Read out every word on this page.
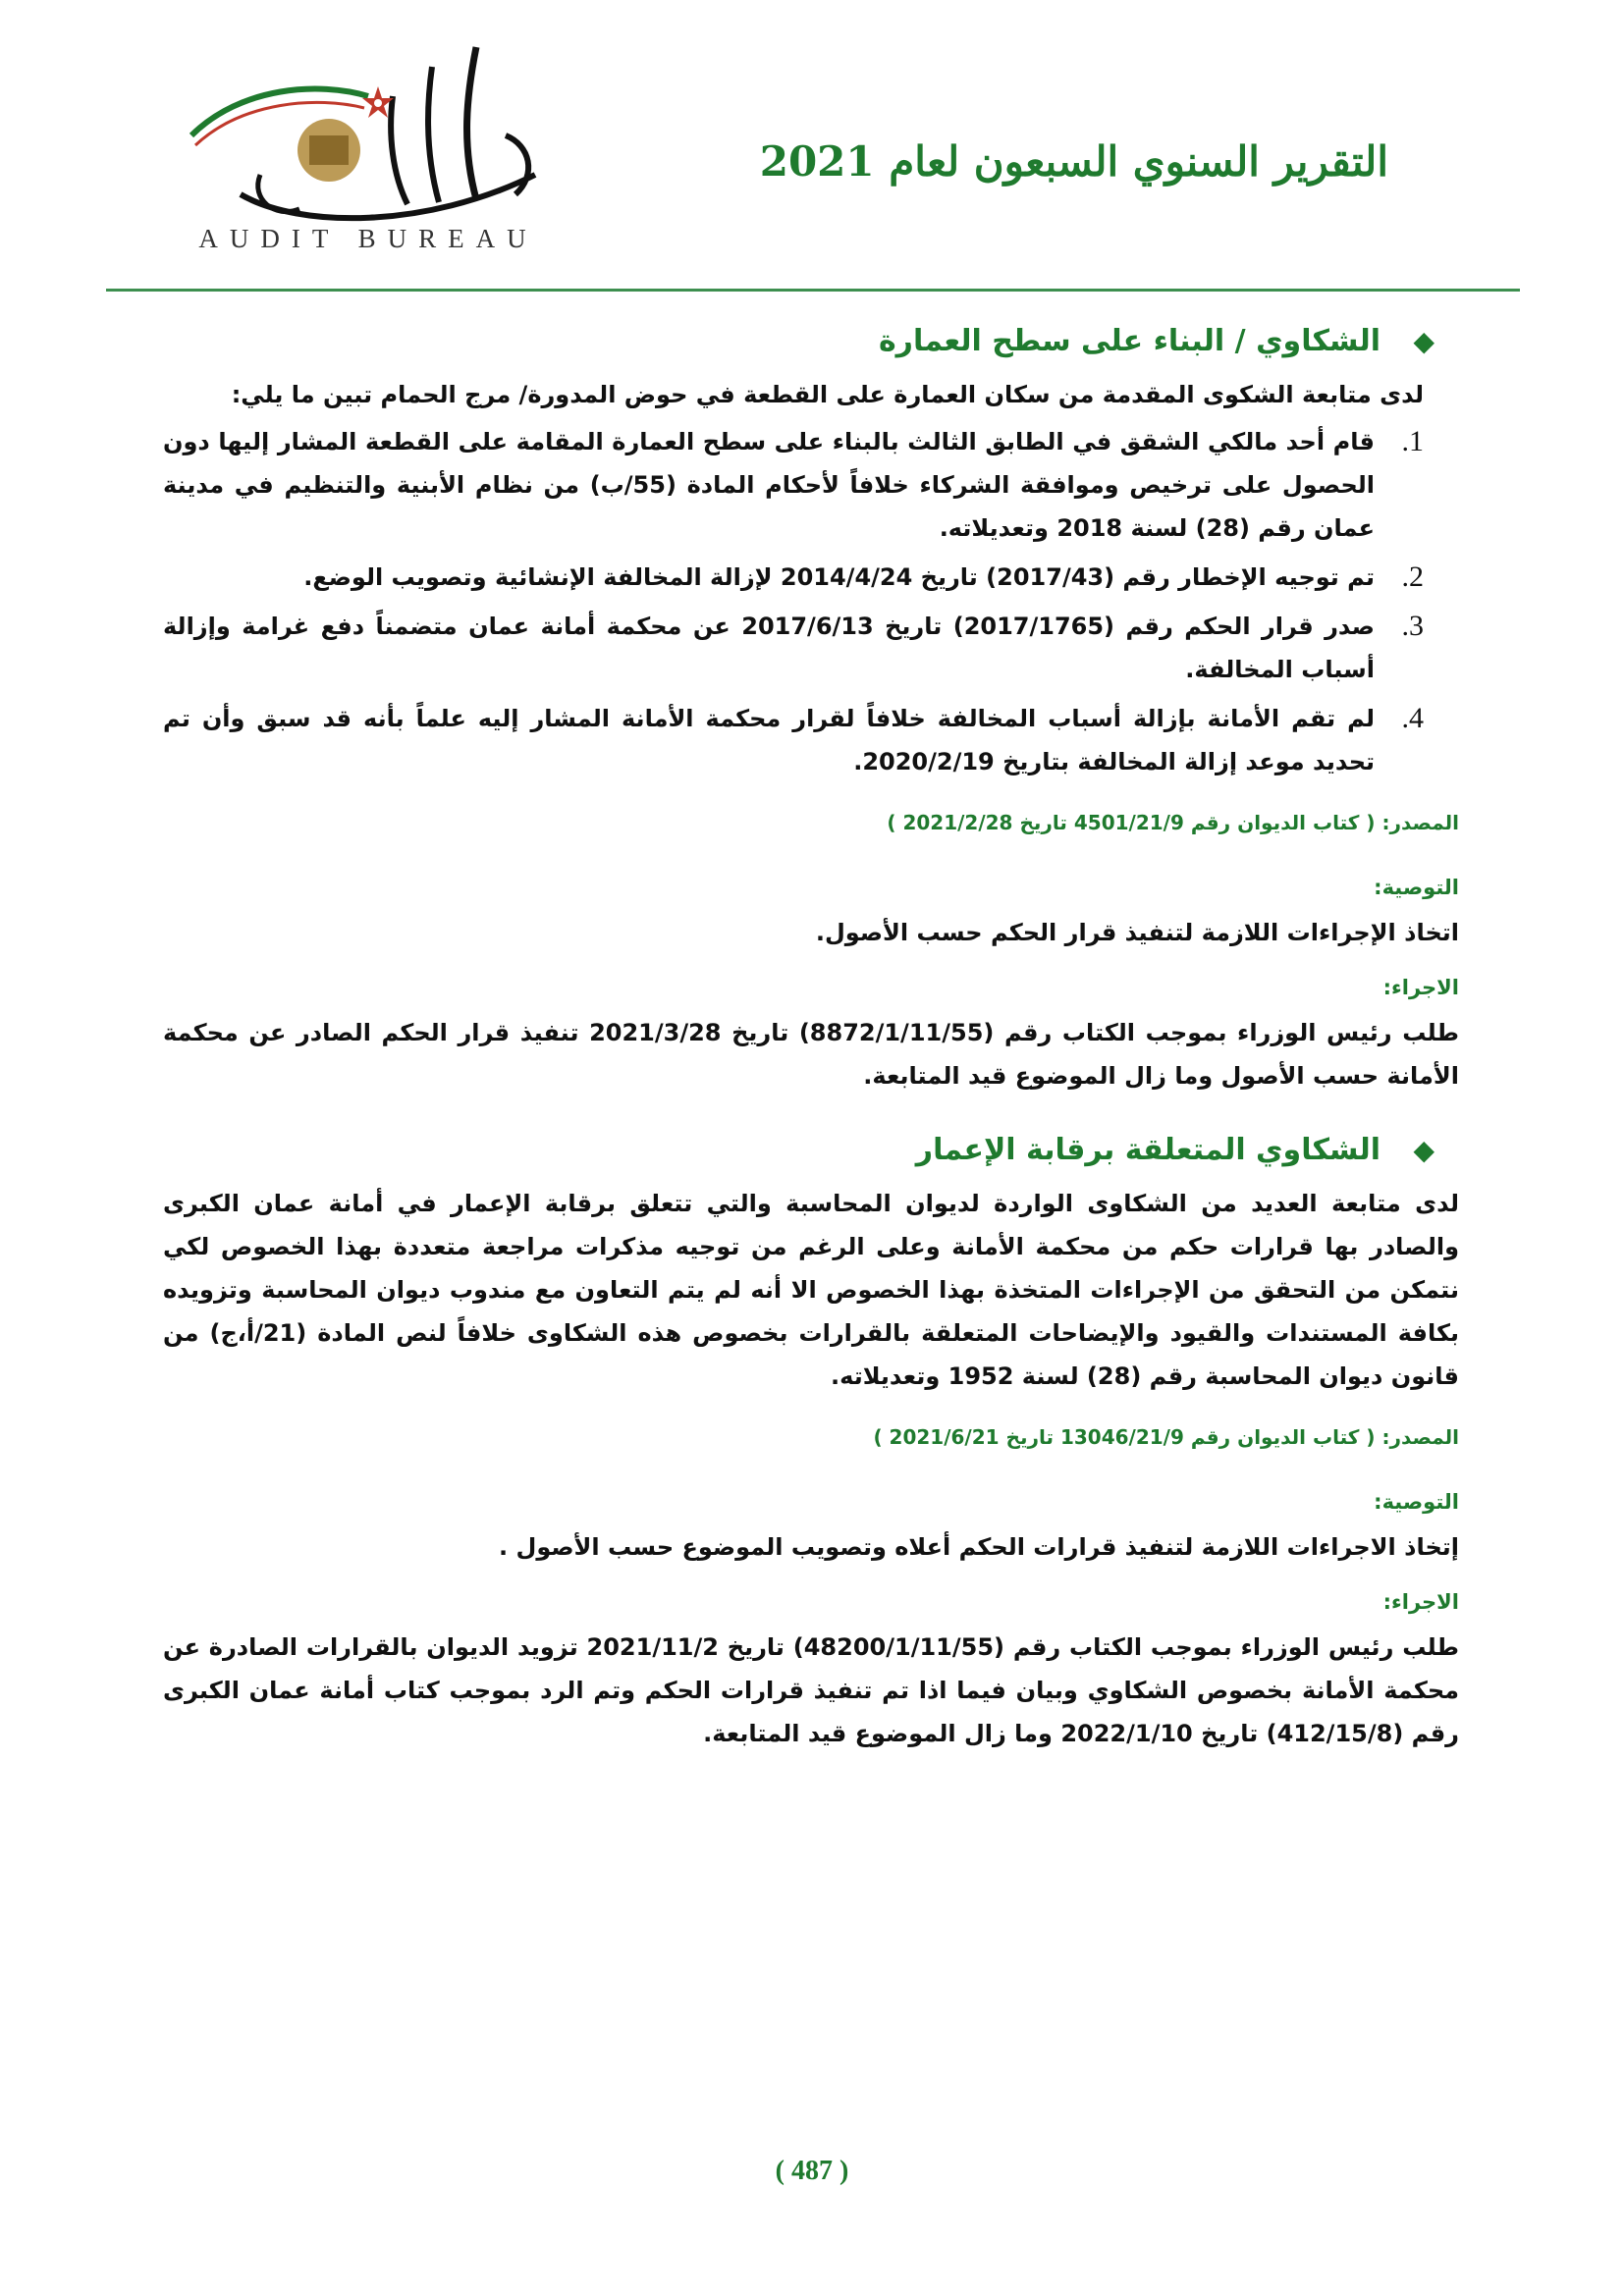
التقرير السنوي السبعون لعام 2021
AUDIT BUREAU
◆
الشكاوي / البناء على سطح العمارة

لدى متابعة الشكوى المقدمة من سكان العمارة على القطعة في حوض المدورة/ مرج الحمام تبين ما يلي:

1.
قام أحد مالكي الشقق في الطابق الثالث بالبناء على سطح العمارة المقامة على القطعة المشار إليها دون الحصول على ترخيص وموافقة الشركاء خلافاً لأحكام المادة (55/ب) من نظام الأبنية والتنظيم في مدينة عمان رقم (28) لسنة 2018 وتعديلاته.
2.
تم توجيه الإخطار رقم (2017/43) تاريخ 2014/4/24 لإزالة المخالفة الإنشائية وتصويب الوضع.
3.
صدر قرار الحكم رقم (2017/1765) تاريخ 2017/6/13 عن محكمة أمانة عمان متضمناً دفع غرامة وإزالة أسباب المخالفة.
4.
لم تقم الأمانة بإزالة أسباب المخالفة خلافاً لقرار محكمة الأمانة المشار إليه علماً بأنه قد سبق وأن تم تحديد موعد إزالة المخالفة بتاريخ 2020/2/19.
المصدر: ( كتاب الديوان رقم 4501/21/9 تاريخ 2021/2/28 )
التوصية:

اتخاذ الإجراءات اللازمة لتنفيذ قرار الحكم حسب الأصول.

الاجراء:

طلب رئيس الوزراء بموجب الكتاب رقم (8872/1/11/55) تاريخ 2021/3/28 تنفيذ قرار الحكم الصادر عن محكمة الأمانة حسب الأصول وما زال الموضوع قيد المتابعة.

◆
الشكاوي المتعلقة برقابة الإعمار

لدى متابعة العديد من الشكاوى الواردة لديوان المحاسبة والتي تتعلق برقابة الإعمار في أمانة عمان الكبرى والصادر بها قرارات حكم من محكمة الأمانة وعلى الرغم من توجيه مذكرات مراجعة متعددة بهذا الخصوص لكي نتمكن من التحقق من الإجراءات المتخذة بهذا الخصوص الا أنه لم يتم التعاون مع مندوب ديوان المحاسبة وتزويده بكافة المستندات والقيود والإيضاحات المتعلقة بالقرارات بخصوص هذه الشكاوى خلافاً لنص المادة (21/أ،ج) من قانون ديوان المحاسبة رقم (28) لسنة 1952 وتعديلاته.

المصدر: ( كتاب الديوان رقم 13046/21/9 تاريخ 2021/6/21 )
التوصية:

إتخاذ الاجراءات اللازمة لتنفيذ قرارات الحكم أعلاه وتصويب الموضوع حسب الأصول .

الاجراء:

طلب رئيس الوزراء بموجب الكتاب رقم (48200/1/11/55) تاريخ 2021/11/2 تزويد الديوان بالقرارات الصادرة عن محكمة الأمانة بخصوص الشكاوي وبيان فيما اذا تم تنفيذ قرارات الحكم وتم الرد بموجب كتاب أمانة عمان الكبرى رقم (412/15/8) تاريخ 2022/1/10 وما زال الموضوع قيد المتابعة.

( 487 )
